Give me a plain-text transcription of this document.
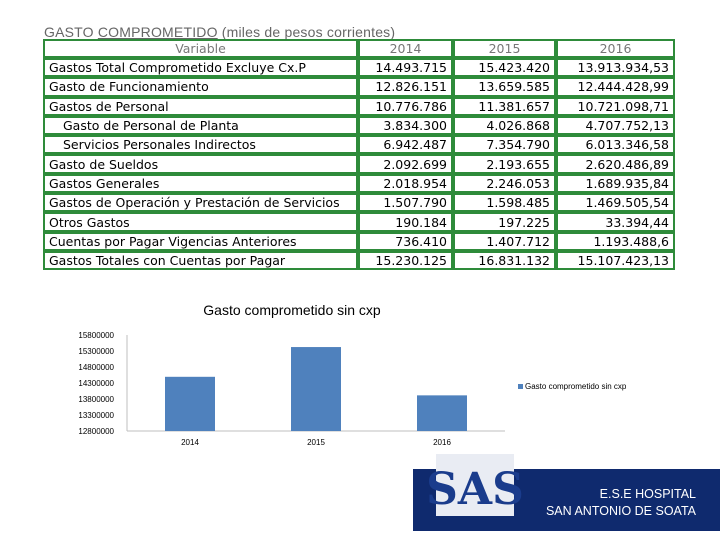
GASTO COMPROMETIDO (miles de pesos corrientes)
Variable	2014	2015	2016
Gastos Total Comprometido Excluye Cx.P	14.493.715	15.423.420	13.913.934,53
Gasto de Funcionamiento	12.826.151	13.659.585	12.444.428,99
Gastos de Personal	10.776.786	11.381.657	10.721.098,71
Gasto de Personal de Planta	3.834.300	4.026.868	4.707.752,13
Servicios Personales Indirectos	6.942.487	7.354.790	6.013.346,58
Gasto de Sueldos	2.092.699	2.193.655	2.620.486,89
Gastos Generales	2.018.954	2.246.053	1.689.935,84
Gastos de Operación y Prestación de Servicios	1.507.790	1.598.485	1.469.505,54
Otros Gastos	190.184	197.225	33.394,44
Cuentas por Pagar Vigencias Anteriores	736.410	1.407.712	1.193.488,6
Gastos Totales con Cuentas por Pagar	15.230.125	16.831.132	15.107.423,13
Gasto comprometido sin cxp
15800000
15300000
14800000
14300000
13800000
13300000
12800000
2014	2015	2016
Gasto comprometido sin cxp
SAS	E.S.E HOSPITAL
SAN ANTONIO DE SOATA
